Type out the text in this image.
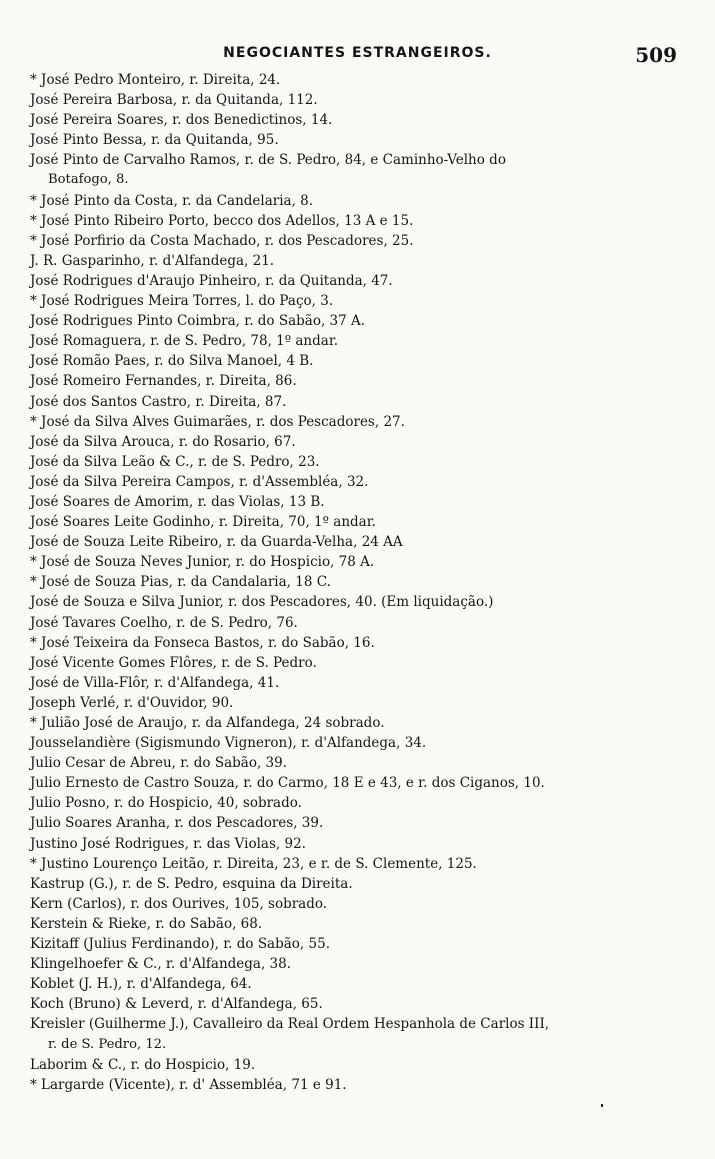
NEGOCIANTES ESTRANGEIROS.	509
* José Pedro Monteiro, r. Direita, 24.
José Pereira Barbosa, r. da Quitanda, 112.
José Pereira Soares, r. dos Benedictinos, 14.
José Pinto Bessa, r. da Quitanda, 95.
José Pinto de Carvalho Ramos, r. de S. Pedro, 84, e Caminho-Velho do
Botafogo, 8.
* José Pinto da Costa, r. da Candelaria, 8.
* José Pinto Ribeiro Porto, becco dos Adellos, 13 A e 15.
* José Porfirio da Costa Machado, r. dos Pescadores, 25.
J. R. Gasparinho, r. d'Alfandega, 21.
José Rodrigues d'Araujo Pinheiro, r. da Quitanda, 47.
* José Rodrigues Meira Torres, l. do Paço, 3.
José Rodrigues Pinto Coimbra, r. do Sabão, 37 A.
José Romaguera, r. de S. Pedro, 78, 1º andar.
José Romão Paes, r. do Silva Manoel, 4 B.
José Romeiro Fernandes, r. Direita, 86.
José dos Santos Castro, r. Direita, 87.
* José da Silva Alves Guimarães, r. dos Pescadores, 27.
José da Silva Arouca, r. do Rosario, 67.
José da Silva Leão & C., r. de S. Pedro, 23.
José da Silva Pereira Campos, r. d'Assembléa, 32.
José Soares de Amorim, r. das Violas, 13 B.
José Soares Leite Godinho, r. Direita, 70, 1º andar.
José de Souza Leite Ribeiro, r. da Guarda-Velha, 24 AA
* José de Souza Neves Junior, r. do Hospicio, 78 A.
* José de Souza Pias, r. da Candalaria, 18 C.
José de Souza e Silva Junior, r. dos Pescadores, 40. (Em liquidação.)
José Tavares Coelho, r. de S. Pedro, 76.
* José Teixeira da Fonseca Bastos, r. do Sabão, 16.
José Vicente Gomes Flôres, r. de S. Pedro.
José de Villa-Flôr, r. d'Alfandega, 41.
Joseph Verlé, r. d'Ouvidor, 90.
* Julião José de Araujo, r. da Alfandega, 24 sobrado.
Jousselandière (Sigismundo Vigneron), r. d'Alfandega, 34.
Julio Cesar de Abreu, r. do Sabão, 39.
Julio Ernesto de Castro Souza, r. do Carmo, 18 E e 43, e r. dos Ciganos, 10.
Julio Posno, r. do Hospicio, 40, sobrado.
Julio Soares Aranha, r. dos Pescadores, 39.
Justino José Rodrigues, r. das Violas, 92.
* Justino Lourenço Leitão, r. Direita, 23, e r. de S. Clemente, 125.
Kastrup (G.), r. de S. Pedro, esquina da Direita.
Kern (Carlos), r. dos Ourives, 105, sobrado.
Kerstein & Rieke, r. do Sabão, 68.
Kizitaff (Julius Ferdinando), r. do Sabão, 55.
Klingelhoefer & C., r. d'Alfandega, 38.
Koblet (J. H.), r. d'Alfandega, 64.
Koch (Bruno) & Leverd, r. d'Alfandega, 65.
Kreisler (Guilherme J.), Cavalleiro da Real Ordem Hespanhola de Carlos III,
r. de S. Pedro, 12.
Laborim & C., r. do Hospicio, 19.
* Largarde (Vicente), r. d' Assembléa, 71 e 91.
